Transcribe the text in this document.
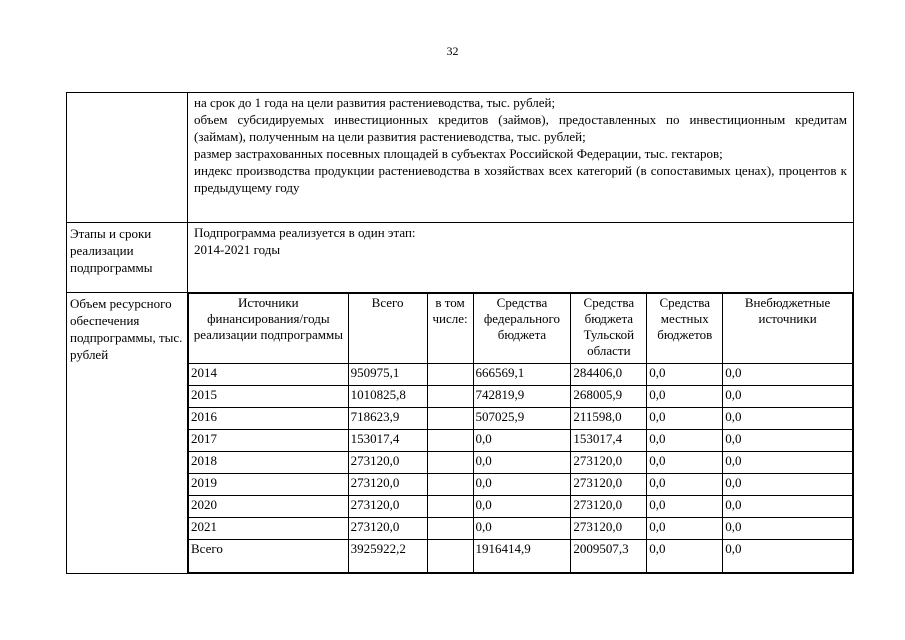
32

на срок до 1 года на цели развития растениеводства, тыс. рублей;
объем субсидируемых инвестиционных кредитов (займов), предоставленных по инвестиционным кредитам (займам), полученным на цели развития растениеводства, тыс. рублей;
размер застрахованных посевных площадей в субъектах Российской Федерации, тыс. гектаров;
индекс производства продукции растениеводства в хозяйствах всех категорий (в сопоставимых ценах), процентов к предыдущему году

Этапы и сроки реализации подпрограммы	
Подпрограмма реализуется в один этап:
2014-2021 годы

Объем ресурсного обеспечения подпрограммы, тыс. рублей	
Источники финансирования/годы реализации подпрограммы	Всего	в том числе:	Средства федерального бюджета	Средства бюджета Тульской области	Средства местных бюджетов	Внебюджетные источники
2014	950975,1		666569,1	284406,0	0,0	0,0
2015	1010825,8		742819,9	268005,9	0,0	0,0
2016	718623,9		507025,9	211598,0	0,0	0,0
2017	153017,4		0,0	153017,4	0,0	0,0
2018	273120,0		0,0	273120,0	0,0	0,0
2019	273120,0		0,0	273120,0	0,0	0,0
2020	273120,0		0,0	273120,0	0,0	0,0
2021	273120,0		0,0	273120,0	0,0	0,0
Всего	3925922,2		1916414,9	2009507,3	0,0	0,0
